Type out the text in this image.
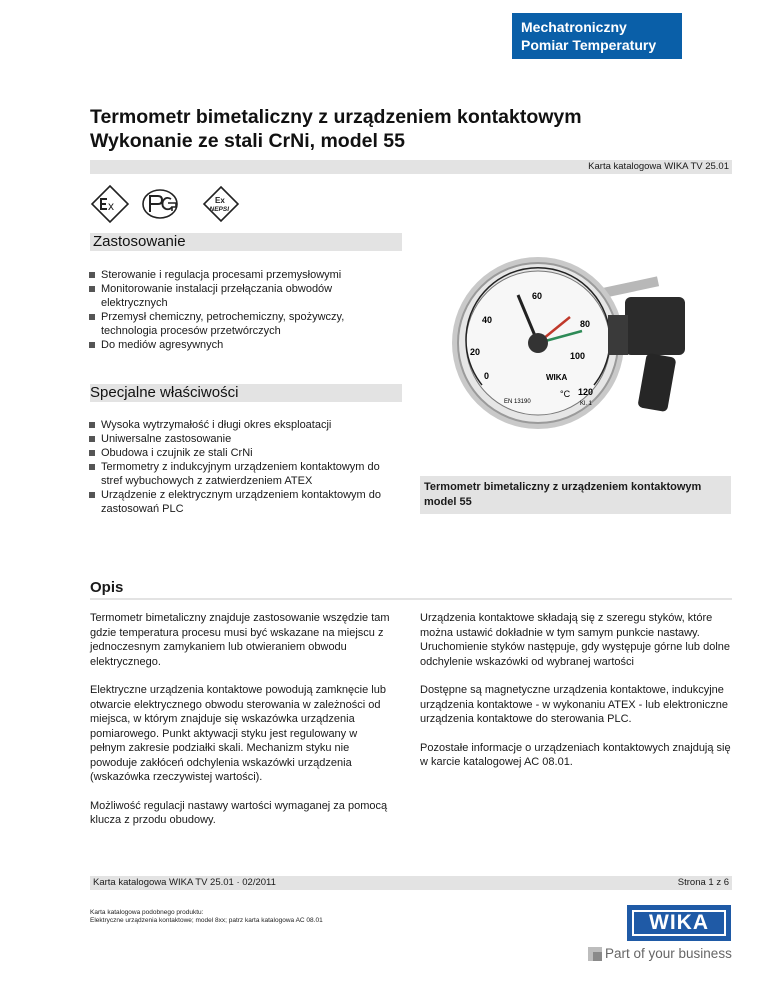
Mechatroniczny
Pomiar Temperatury
Termometr bimetaliczny z urządzeniem kontaktowym
Wykonanie ze stali CrNi, model 55
Karta katalogowa WIKA TV 25.01
x	Ex
NEPSI
Zastosowanie
Sterowanie i regulacja procesami przemysłowymi
Monitorowanie instalacji przełączania obwodów elektrycznych
Przemysł chemiczny, petrochemiczny, spożywczy, technologia procesów przetwórczych
Do mediów agresywnych
Specjalne właściwości
Wysoka wytrzymałość i długi okres eksploatacji
Uniwersalne zastosowanie
Obudowa i czujnik ze stali CrNi
Termometry z indukcyjnym urządzeniem kontaktowym do stref wybuchowych z zatwierdzeniem ATEX
Urządzenie z elektrycznym urządzeniem kontaktowym do zastosowań PLC
0
20
40
60
80
100
120
WIKA
°C
EN 13190	Kl. 1
Termometr bimetaliczny z urządzeniem kontaktowym model 55
Opis

Termometr bimetaliczny znajduje zastosowanie wszędzie tam gdzie temperatura procesu musi być wskazane na miejscu z jednoczesnym zamykaniem lub otwieraniem obwodu elektrycznego.

Elektryczne urządzenia kontaktowe powodują zamknęcie lub otwarcie elektrycznego obwodu sterowania w zależności od miejsca, w którym znajduje się wskazówka urządzenia pomiarowego. Punkt aktywacji styku jest regulowany w pełnym zakresie podziałki skali. Mechanizm styku nie powoduje zakłóceń odchylenia wskazówki urządzenia (wskazówka rzeczywistej wartości).

Możliwość regulacji nastawy wartości wymaganej za pomocą klucza z przodu obudowy.

Urządzenia kontaktowe składają się z szeregu styków, które można ustawić dokładnie w tym samym punkcie nastawy. Uruchomienie styków następuje, gdy występuje górne lub dolne odchylenie wskazówki od wybranej wartości

Dostępne są magnetyczne urządzenia kontaktowe, indukcyjne urządzenia kontaktowe - w wykonaniu ATEX - lub elektroniczne urządzenia kontaktowe do sterowania PLC.

Pozostałe informacje o urządzeniach kontaktowych znajdują się w karcie katalogowej AC 08.01.

Karta katalogowa WIKA TV 25.01 · 02/2011	Strona 1 z 6
Karta katalogowa podobnego produktu:
Elektryczne urządzenia kontaktowe; model 8xx; patrz karta katalogowa AC 08.01	WIKA
Part of your business
